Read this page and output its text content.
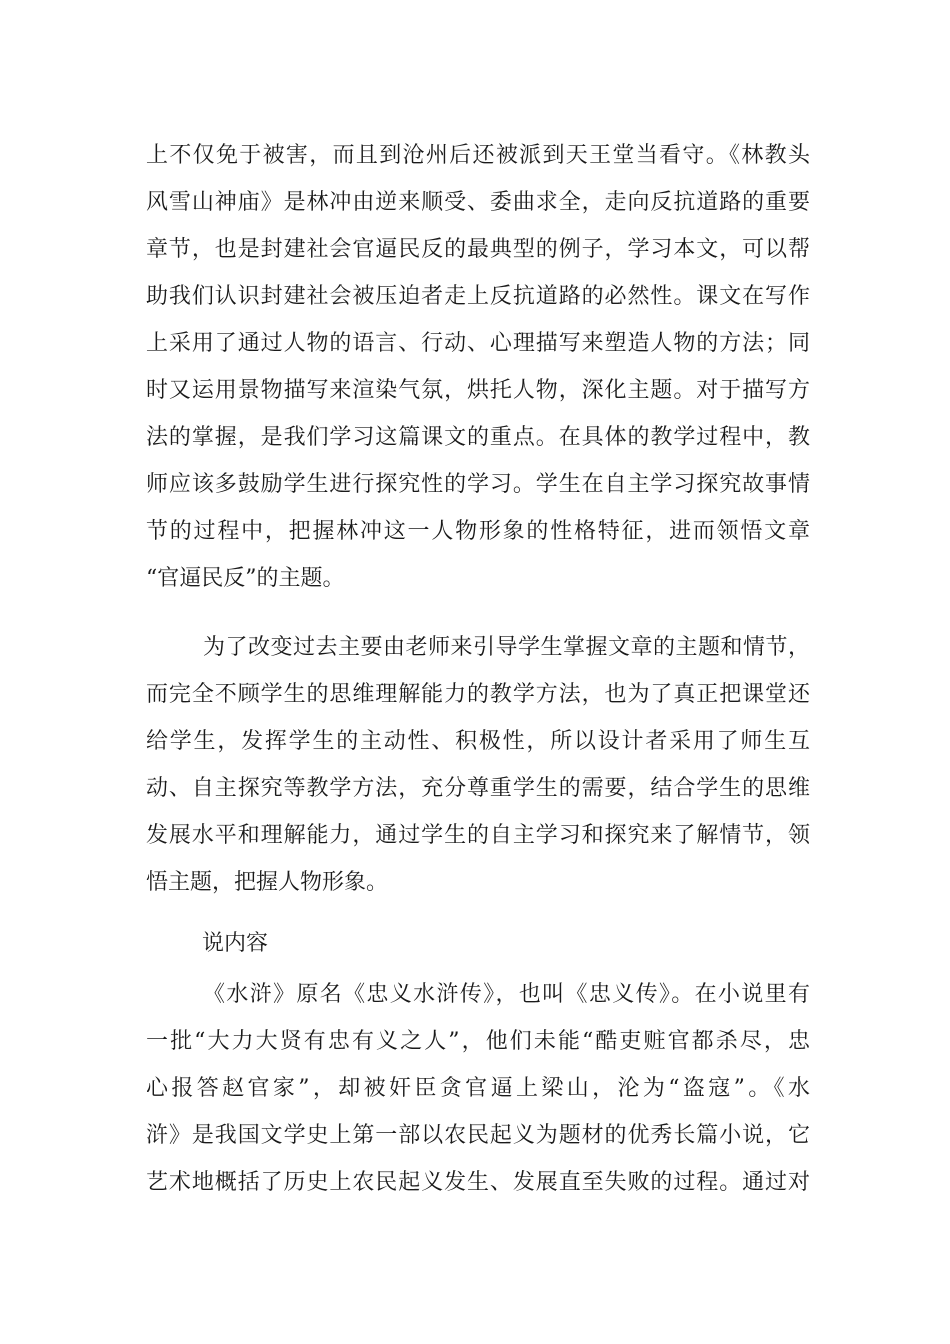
上不仅免于被害，而且到沧州后还被派到天王堂当看守。《林教头
风雪山神庙》是林冲由逆来顺受、委曲求全，走向反抗道路的重要
章节，也是封建社会官逼民反的最典型的例子，学习本文，可以帮
助我们认识封建社会被压迫者走上反抗道路的必然性。课文在写作
上采用了通过人物的语言、行动、心理描写来塑造人物的方法；同
时又运用景物描写来渲染气氛，烘托人物，深化主题。对于描写方
法的掌握，是我们学习这篇课文的重点。在具体的教学过程中，教
师应该多鼓励学生进行探究性的学习。学生在自主学习探究故事情
节的过程中，把握林冲这一人物形象的性格特征，进而领悟文章
“官逼民反”的主题。
为了改变过去主要由老师来引导学生掌握文章的主题和情节，
而完全不顾学生的思维理解能力的教学方法，也为了真正把课堂还
给学生，发挥学生的主动性、积极性，所以设计者采用了师生互
动、自主探究等教学方法，充分尊重学生的需要，结合学生的思维
发展水平和理解能力，通过学生的自主学习和探究来了解情节，领
悟主题，把握人物形象。
说内容
《水浒》原名《忠义水浒传》，也叫《忠义传》。在小说里有
一批“大力大贤有忠有义之人”，他们未能“酷吏赃官都杀尽，忠
心报答赵官家”，却被奸臣贪官逼上梁山，沦为“盗寇”。《水
浒》是我国文学史上第一部以农民起义为题材的优秀长篇小说，它
艺术地概括了历史上农民起义发生、发展直至失败的过程。通过对
